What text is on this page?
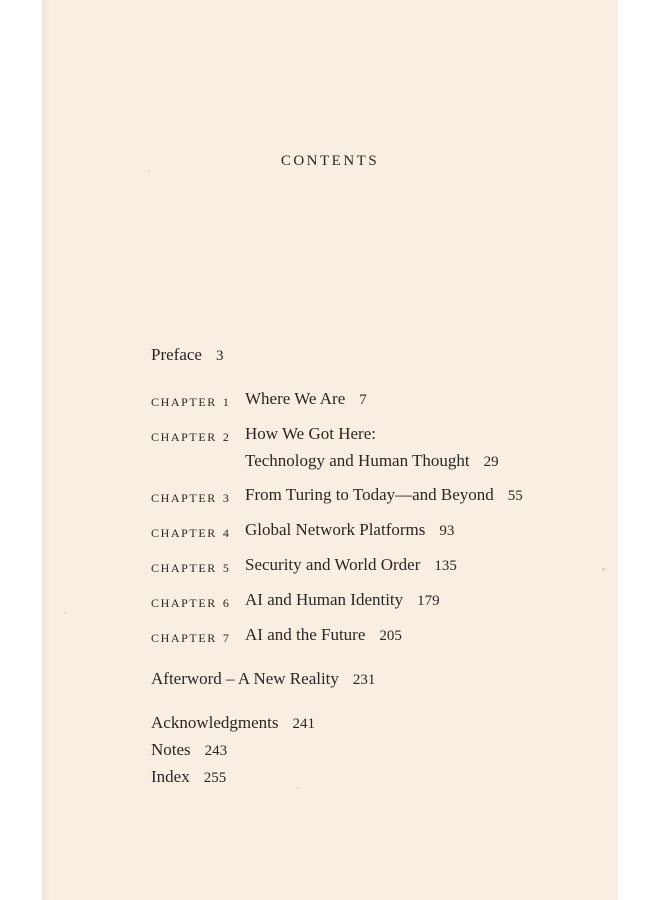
CONTENTS
Preface 3
CHAPTER 1 Where We Are 7
CHAPTER 2 How We Got Here:
Technology and Human Thought 29
CHAPTER 3 From Turing to Today—and Beyond 55
CHAPTER 4 Global Network Platforms 93
CHAPTER 5 Security and World Order 135
CHAPTER 6 AI and Human Identity 179
CHAPTER 7 AI and the Future 205
Afterword – A New Reality 231
Acknowledgments 241
Notes 243
Index 255
